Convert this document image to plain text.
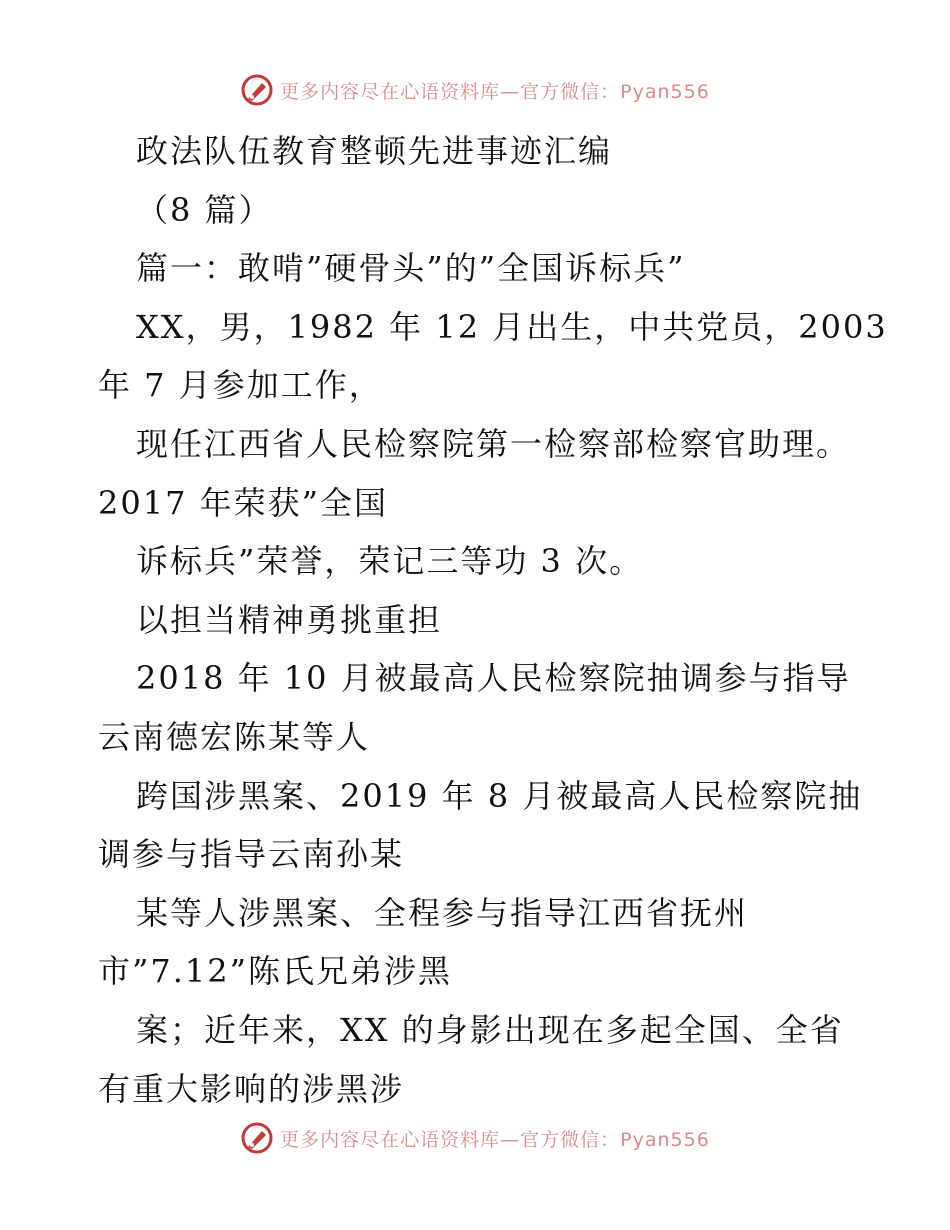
更多内容尽在心语资料库—官方微信：Pyan556
政法队伍教育整顿先进事迹汇编
（8 篇）
篇一：敢啃”硬骨头”的”全国诉标兵”
XX，男，1982 年 12 月出生，中共党员，2003
年 7 月参加工作，
现任江西省人民检察院第一检察部检察官助理。
2017 年荣获”全国
诉标兵”荣誉，荣记三等功 3 次。
以担当精神勇挑重担
2018 年 10 月被最高人民检察院抽调参与指导
云南德宏陈某等人
跨国涉黑案、2019 年 8 月被最高人民检察院抽
调参与指导云南孙某
某等人涉黑案、全程参与指导江西省抚州
市”7.12”陈氏兄弟涉黑
案；近年来，XX 的身影出现在多起全国、全省
有重大影响的涉黑涉
更多内容尽在心语资料库—官方微信：Pyan556
